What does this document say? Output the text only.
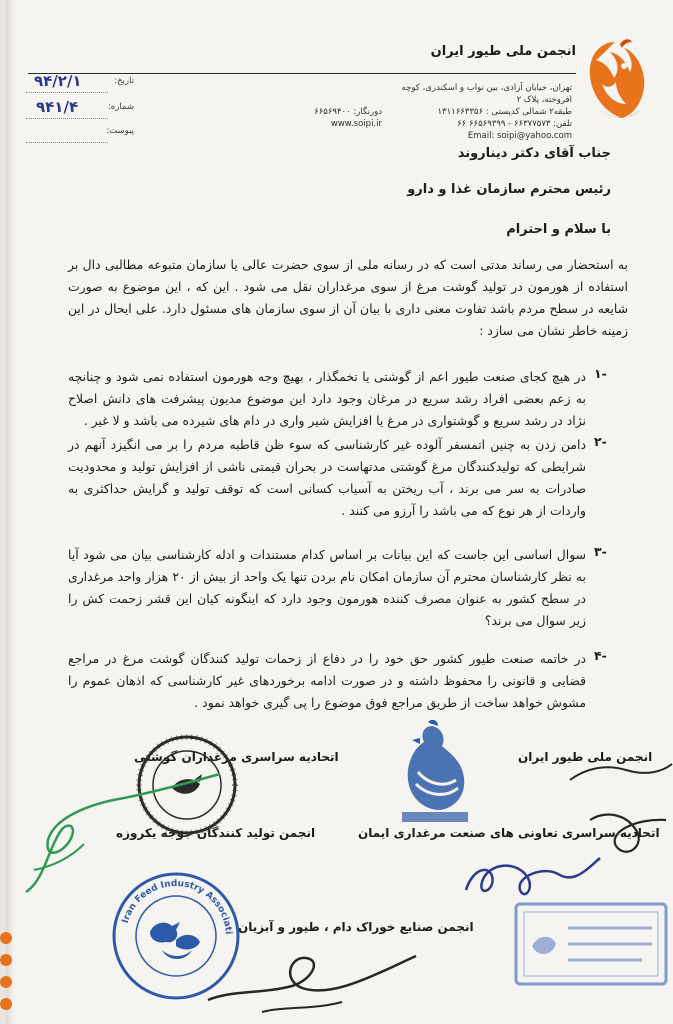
انجمن ملی طیور ایران
تهران، خیابان آزادی، بین نواب و اسکندری، کوچه افروخته، پلاک ۲
طبقه۲ شمالی کدپستی : ۱۳۱۱۶۶۳۳۵۶
تلفن: ۶۶۳۷۷۵۷۳ - ۶۶۵۶۹۳۹۹ ۶۶
Email: soipi@yahoo.com
دورنگار: ۶۶۵۶۹۴۰۰
www.soipi.ir
تاریخ:
شماره:
پیوست:
۹۴/۲/۱
۹۴۱/۴
جناب آقای دکتر دیناروند
رئیس محترم سازمان غذا و دارو
با سلام و احترام
به استحضار می رساند مدتی است که در رسانه ملی از سوی حضرت عالی یا سازمان متبوعه مطالبی دال بر استفاده از هورمون در تولید گوشت مرغ از سوی مرغداران نقل می شود . این که ، این موضوع به صورت شایعه در سطح مردم باشد تفاوت معنی داری با بیان آن از سوی سازمان های مسئول دارد. علی ایحال در این زمینه خاطر نشان می سازد :
۱-
در هیچ کجای صنعت طیور اعم از گوشتی یا تخمگذار ، بهیچ وجه هورمون استفاده نمی شود و چنانچه به زعم بعضی افراد رشد سریع در مرغان وجود دارد این موضوع مدیون پیشرفت های دانش اصلاح نژاد در رشد سریع و گوشتواری در مرغ یا افزایش شیر واری در دام های شیرده می باشد و لا غیر .
۲-
دامن زدن به چنین اتمسفر آلوده غیر کارشناسی که سوء ظن قاطبه مردم را بر می انگیزد آنهم در شرایطی که تولیدکنندگان مرغ گوشتی مدتهاست در بحران قیمتی ناشی از افزایش تولید و محدودیت صادرات به سر می برند ، آب ریختن به آسیاب کسانی است که توقف تولید و گرایش حداکثری به واردات از هر نوع که می باشد را آرزو می کنند .
۳-
سوال اساسی این جاست که این بیانات بر اساس کدام مستندات و ادله کارشناسی بیان می شود آیا به نظر کارشناسان محترم آن سازمان امکان نام بردن تنها یک واحد از بیش از ۲۰ هزار واحد مرغداری در سطح کشور به عنوان مصرف کننده هورمون وجود دارد که اینگونه کیان این قشر زحمت کش را زیر سوال می برند؟
۴-
در خاتمه صنعت طیور کشور حق خود را در دفاع از زحمات تولید کنندگان گوشت مرغ در مراجع قضایی و قانونی را محفوظ داشته و در صورت ادامه برخوردهای غیر کارشناسی که اذهان عموم را مشوش خواهد ساخت از طریق مراجع فوق موضوع را پی گیری خواهد نمود .
انجمن ملی طیور ایران
اتحادیه سراسری مرغداران گوشتی
اتحادیه سراسری تعاونی های صنعت مرغداری ایمان
انجمن تولید کنندگان جوجه یکروزه
انجمن صنایع خوراک دام ، طیور و آبزیان
Iran Feed Industry Association
